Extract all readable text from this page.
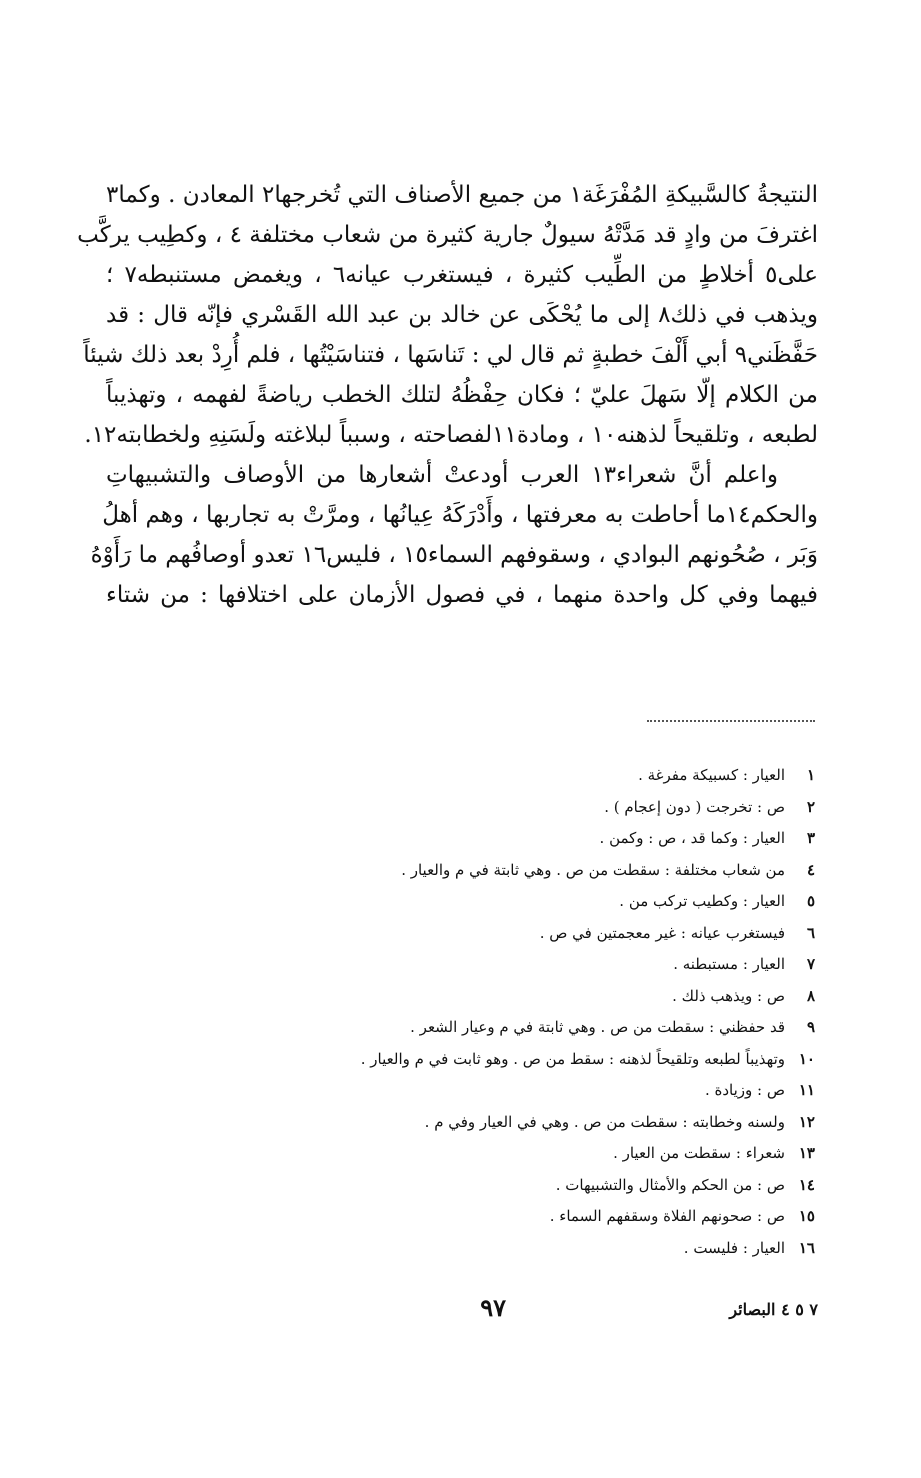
النتيجةُ كالسَّبيكةِ المُفْرَغَة١ من جميع الأصناف التي تُخرجها٢ المعادن . وكما٣
اغترفَ من وادٍ قد مَدَّتْهُ سيولٌ جارية كثيرة من شعاب مختلفة ٤ ، وكطِيب يركَّب
على٥ أخلاطٍ من الطِّيب كثيرة ، فيستغرب عيانه٦ ، ويغمض مستنبطه٧ ؛
ويذهب في ذلك٨ إلى ما يُحْكَى عن خالد بن عبد الله القَسْري فإنّه قال : قد
حَفَّظَني٩ أبي أَلْفَ خطبةٍ ثم قال لي : تَناسَها ، فتناسَيْتُها ، فلم أُرِدْ بعد ذلك شيئاً
من الكلام إلّا سَهلَ عليّ ؛ فكان حِفْظُهُ لتلك الخطب رياضةً لفهمه ، وتهذيباً
لطبعه ، وتلقيحاً لذهنه١٠ ، ومادة١١لفصاحته ، وسبباً لبلاغته ولَسَنِهِ ولخطابته١٢.
واعلم أنَّ شعراء١٣ العرب أودعتْ أشعارها من الأوصاف والتشبيهاتِ
والحكم١٤ما أحاطت به معرفتها ، وأَدْرَكَهُ عِيانُها ، ومرَّتْ به تجاربها ، وهم أهلُ
وَبَر ، صُحُونهم البوادي ، وسقوفهم السماء١٥ ، فليس١٦ تعدو أوصافُهم ما رَأَوْهُ
فيهما وفي كل واحدة منهما ، في فصول الأزمان على اختلافها : من شتاء
١العيار : كسبيكة مفرغة .
٢ص : تخرجت ( دون إعجام ) .
٣العيار : وكما قد ، ص : وكمن .
٤من شعاب مختلفة : سقطت من ص . وهي ثابتة في م والعيار .
٥العيار : وكطيب تركب من .
٦فيستغرب عيانه : غير معجمتين في ص .
٧العيار : مستبطنه .
٨ص : ويذهب ذلك .
٩قد حفظني : سقطت من ص . وهي ثابتة في م وعيار الشعر .
١٠وتهذيباً لطبعه وتلقيحاً لذهنه : سقط من ص . وهو ثابت في م والعيار .
١١ص : وزيادة .
١٢ولسنه وخطابته : سقطت من ص . وهي في العيار وفي م .
١٣شعراء : سقطت من العيار .
١٤ص : من الحكم والأمثال والتشبيهات .
١٥ص : صحونهم الفلاة وسقفهم السماء .
١٦العيار : فليست .
٧ ٥ ٤ البصائر
٩٧
